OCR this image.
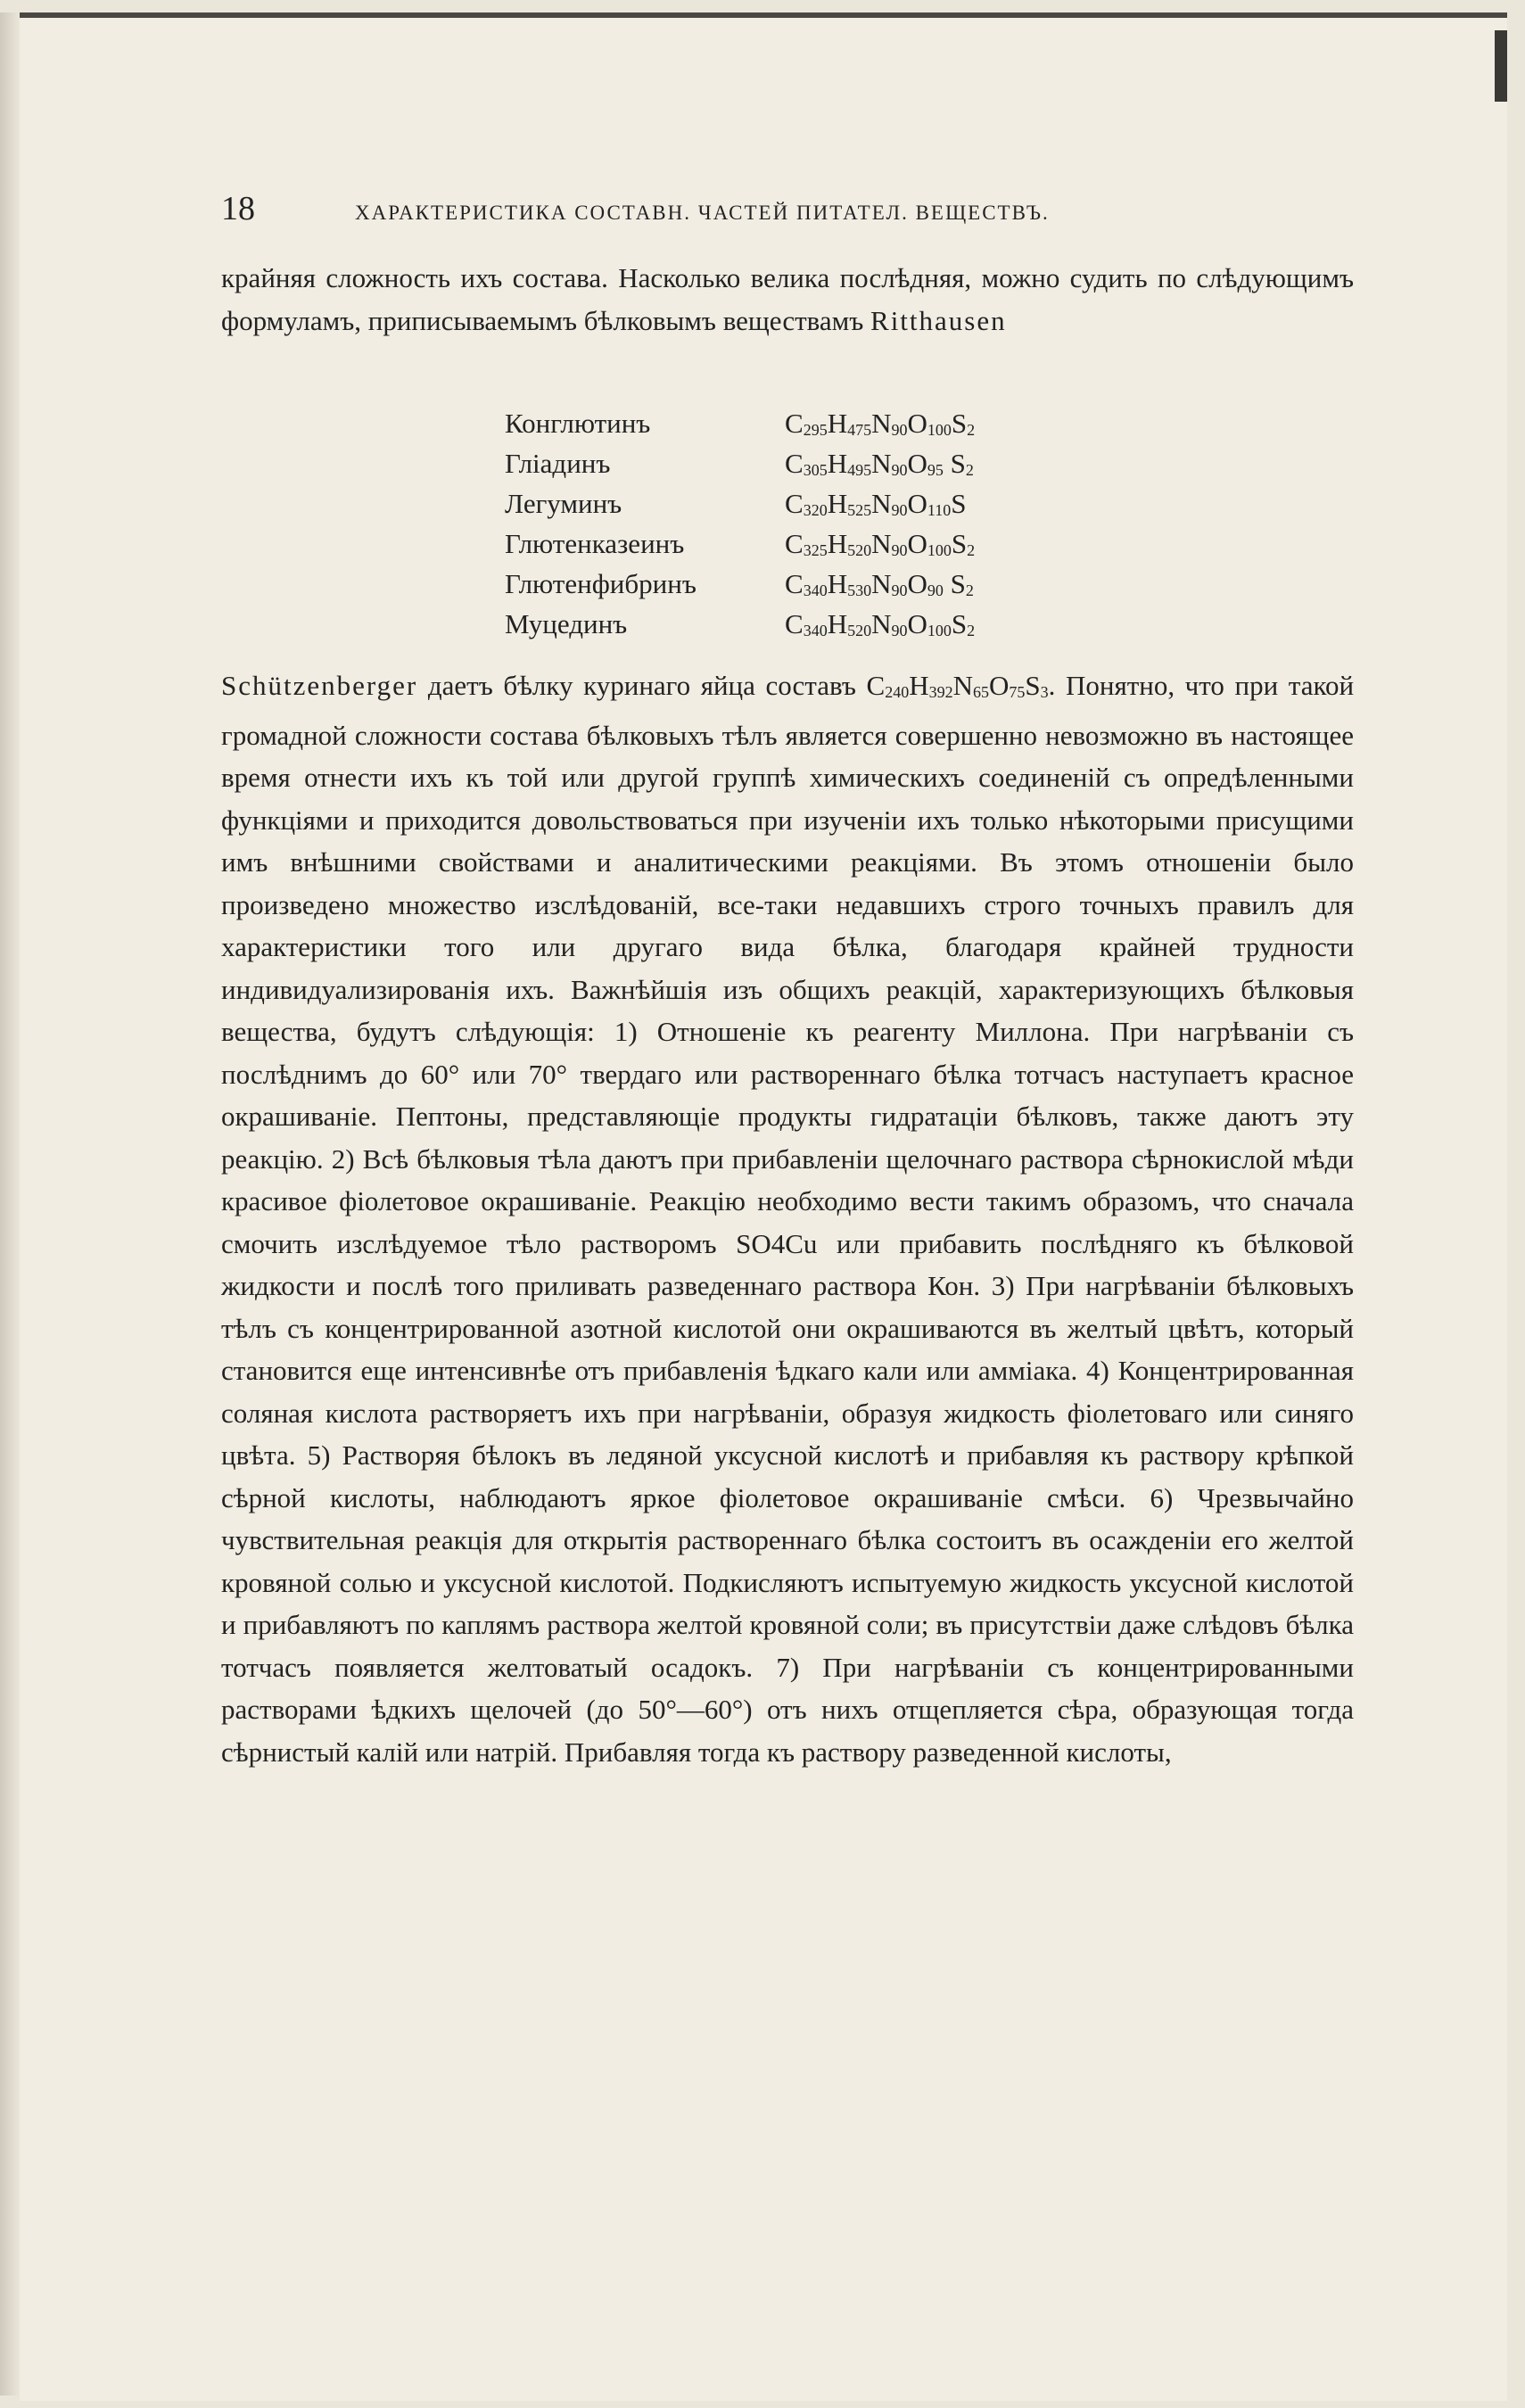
18	ХАРАКТЕРИСТИКА СОСТАВН. ЧАСТЕЙ ПИТАТЕЛ. ВЕЩЕСТВЪ.

крайняя сложность ихъ состава. Насколько велика послѣдняя, можно судить по слѣдующимъ формуламъ, приписываемымъ бѣлковымъ веществамъ Ritthausen

Конглютинъ	$C_{295}H_{475}N_{90}O_{100}S_2$
Гліадинъ	$C_{305}H_{495}N_{90}O_{95}$ $S_2$
Легуминъ	$C_{320}H_{525}N_{90}O_{110}S$
Глютенказеинъ	$C_{325}H_{520}N_{90}O_{100}S_2$
Глютенфибринъ	$C_{340}H_{530}N_{90}O_{90}$ $S_2$
Муцединъ	$C_{340}H_{520}N_{90}O_{100}S_2$

Schützenberger даетъ бѣлку куринаго яйца составъ $C_{240}H_{392}N_{65}O_{75}S_3$. Понятно, что при такой громадной сложности состава бѣлковыхъ тѣлъ является совершенно невозможно въ настоящее время отнести ихъ къ той или другой группѣ химическихъ соединеній съ опредѣленными функціями и приходится довольствоваться при изученіи ихъ только нѣкоторыми присущими имъ внѣшними свойствами и аналитическими реакціями. Въ этомъ отношеніи было произведено множество изслѣдованій, все-таки недавшихъ строго точныхъ правилъ для характеристики того или другаго вида бѣлка, благодаря крайней трудности индивидуализированія ихъ. Важнѣйшія изъ общихъ реакцій, характеризующихъ бѣлковыя вещества, будутъ слѣдующія: 1) Отношеніе къ реагенту Миллона. При нагрѣваніи съ послѣднимъ до 60° или 70° твердаго или раствореннаго бѣлка тотчасъ наступаетъ красное окрашиваніе. Пептоны, представляющіе продукты гидратаціи бѣлковъ, также даютъ эту реакцію. 2) Всѣ бѣлковыя тѣла даютъ при прибавленіи щелочнаго раствора сѣрнокислой мѣди красивое фіолетовое окрашиваніе. Реакцію необходимо вести такимъ образомъ, что сначала смочить изслѣдуемое тѣло растворомъ SO4Cu или прибавить послѣдняго къ бѣлковой жидкости и послѣ того приливать разведеннаго раствора Кон. 3) При нагрѣваніи бѣлковыхъ тѣлъ съ концентрированной азотной кислотой они окрашиваются въ желтый цвѣтъ, который становится еще интенсивнѣе отъ прибавленія ѣдкаго кали или амміака. 4) Концентрированная соляная кислота растворяетъ ихъ при нагрѣваніи, образуя жидкость фіолетоваго или синяго цвѣта. 5) Растворяя бѣлокъ въ ледяной уксусной кислотѣ и прибавляя къ раствору крѣпкой сѣрной кислоты, наблюдаютъ яркое фіолетовое окрашиваніе смѣси. 6) Чрезвычайно чувствительная реакція для открытія раствореннаго бѣлка состоитъ въ осажденіи его желтой кровяной солью и уксусной кислотой. Подкисляютъ испытуемую жидкость уксусной кислотой и прибавляютъ по каплямъ раствора желтой кровяной соли; въ присутствіи даже слѣдовъ бѣлка тотчасъ появляется желтоватый осадокъ. 7) При нагрѣваніи съ концентрированными растворами ѣдкихъ щелочей (до 50°—60°) отъ нихъ отщепляется сѣра, образующая тогда сѣрнистый калій или натрій. Прибавляя тогда къ раствору разведенной кислоты,
